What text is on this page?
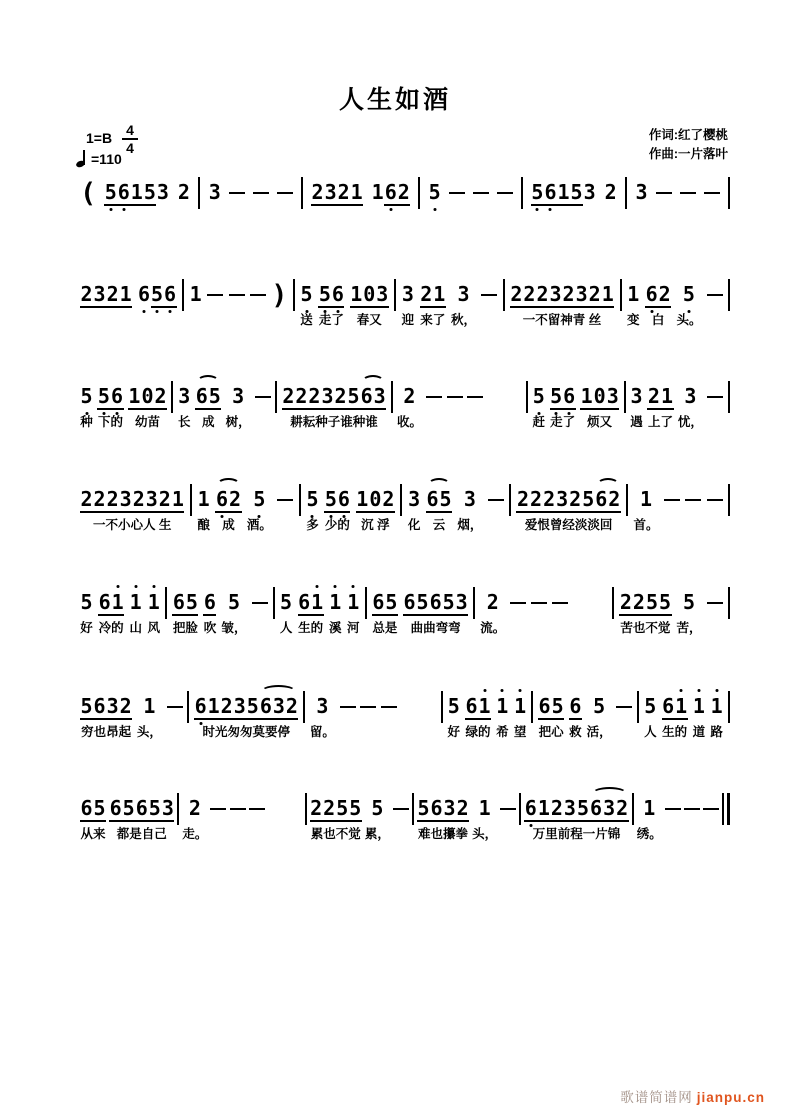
人生如酒
$1=B \frac{4}{4}$
=110
作词:红了樱桃
作曲:一片落叶
( 5
6
153 2 3	2321 16
2 5	5
6
153 2 3
2321 6
5
6 1	) 5
送
5
6
走了
103
春又
3
迎
21
来了
3
秋，
22232321
一不留神青 丝
1
变
6
2
白
5
头。
5
种
5
6
下的
102
幼苗
3
长
65
成
3
树，
22232563
耕耘种子谁种谁
2
收。
5
赶
5
6
走了
103
烦又
3
遇
21
上了
3
忧，
22232321
一不小心人 生
1
酿
6
2
成
5
酒。
5
多
5
6
少的
102
沉 浮
3
化
65
云
3
烟，
22232562
爱恨曾经淡淡回
1
首。
5
好
61
冷的
1
山
1
风
65
把脸
6
吹
5
皱，
5
人
61
生的
1
溪
1
河
65
总是
65653
曲曲弯弯
2
流。
2255
苦也不觉
5
苦，
5632
穷也昂起
1
头，
6
1235632
时光匆匆莫要停
3
留。
5
好
61
绿的
1
希
1
望
65
把心
6
救
5
活，
5
人
61
生的
1
道
1
路
65
从来
65653
都是自己
2
走。
2255
累也不觉
5
累，
5632
难也攥拳
1
头，
6
1235632
万里前程一片锦
1
绣。
歌谱简谱网 jianpu.cn
